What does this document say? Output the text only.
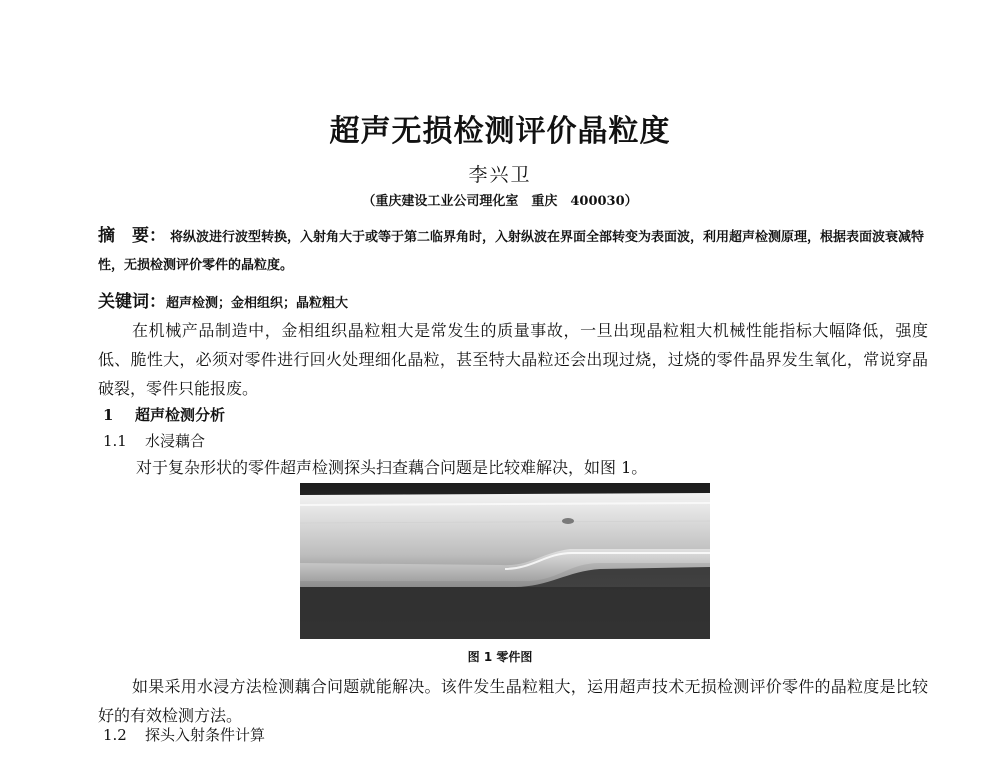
超声无损检测评价晶粒度
李兴卫
（重庆建设工业公司理化室　重庆　400030）
摘　要： 将纵波进行波型转换，入射角大于或等于第二临界角时，入射纵波在界面全部转变为表面波，利用超声检测原理，根据表面波衰减特性，无损检测评价零件的晶粒度。
关键词：超声检测；金相组织；晶粒粗大
在机械产品制造中，金相组织晶粒粗大是常发生的质量事故，一旦出现晶粒粗大机械性能指标大幅降低，强度低、脆性大，必须对零件进行回火处理细化晶粒，甚至特大晶粒还会出现过烧，过烧的零件晶界发生氧化，常说穿晶破裂，零件只能报废。
1 超声检测分析
1.1 水浸藕合
对于复杂形状的零件超声检测探头扫查藕合问题是比较难解决，如图 1。
图 1 零件图
如果采用水浸方法检测藕合问题就能解决。该件发生晶粒粗大，运用超声技术无损检测评价零件的晶粒度是比较好的有效检测方法。
1.2 探头入射条件计算
